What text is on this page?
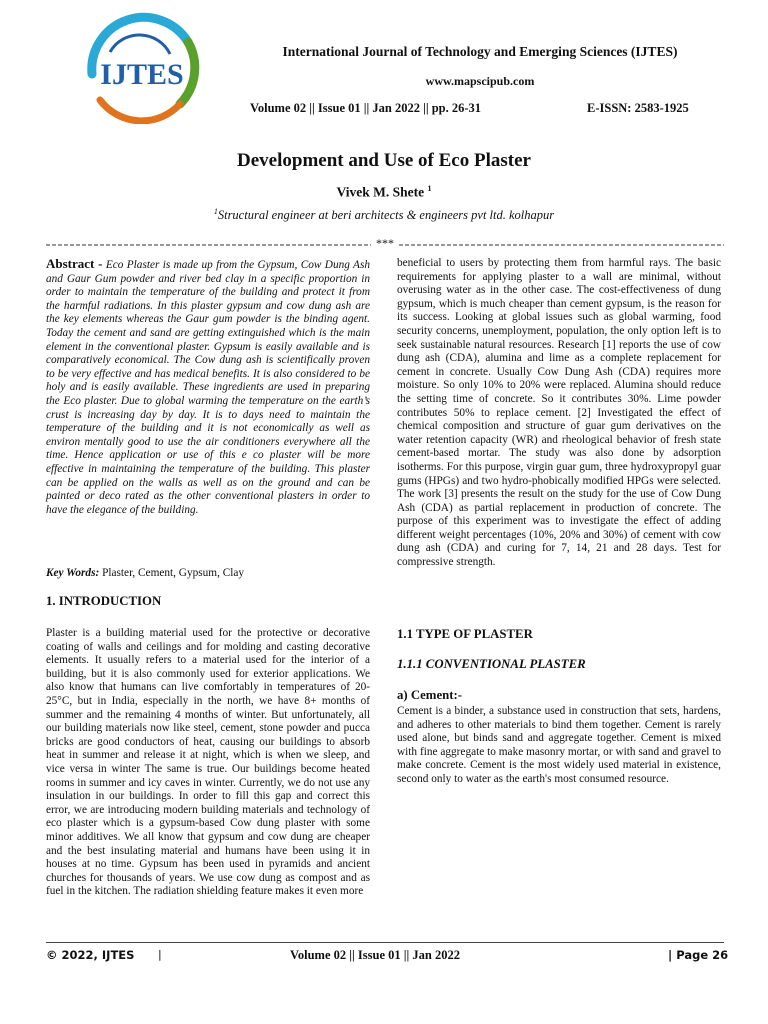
IJTES
International Journal of Technology and Emerging Sciences (IJTES)
www.mapscipub.com
Volume 02 || Issue 01 || Jan 2022 || pp. 26-31	E-ISSN: 2583-1925
Development and Use of Eco Plaster
Vivek M. Shete $^1$
$^1$Structural engineer at beri architects & engineers pvt ltd. kolhapur
***
Abstract - Eco Plaster is made up from the Gypsum, Cow Dung Ash and Gaur Gum powder and river bed clay in a specific proportion in order to maintain the temperature of the building and protect it from the harmful radiations. In this plaster gypsum and cow dung ash are the key elements whereas the Gaur gum powder is the binding agent. Today the cement and sand are getting extinguished which is the main element in the conventional plaster. Gypsum is easily available and is comparatively economical. The Cow dung ash is scientifically proven to be very effective and has medical benefits. It is also considered to be holy and is easily available. These ingredients are used in preparing the Eco plaster. Due to global warming the temperature on the earth’s crust is increasing day by day. It is to days need to maintain the temperature of the building and it is not economically as well as environ mentally good to use the air conditioners everywhere all the time. Hence application or use of this e co plaster will be more effective in maintaining the temperature of the building. This plaster can be applied on the walls as well as on the ground and can be painted or deco rated as the other conventional plasters in order to have the elegance of the building.
Key Words: Plaster, Cement, Gypsum, Clay
1. INTRODUCTION
Plaster is a building material used for the protective or decorative coating of walls and ceilings and for molding and casting decorative elements. It usually refers to a material used for the interior of a building, but it is also commonly used for exterior applications. We also know that humans can live comfortably in temperatures of 20-25°C, but in India, especially in the north, we have 8+ months of summer and the remaining 4 months of winter. But unfortunately, all our building materials now like steel, cement, stone powder and pucca bricks are good conductors of heat, causing our buildings to absorb heat in summer and release it at night, which is when we sleep, and vice versa in winter The same is true. Our buildings become heated rooms in summer and icy caves in winter. Currently, we do not use any insulation in our buildings. In order to fill this gap and correct this error, we are introducing modern building materials and technology of eco plaster which is a gypsum-based Cow dung plaster with some minor additives. We all know that gypsum and cow dung are cheaper and the best insulating material and humans have been using it in houses at no time. Gypsum has been used in pyramids and ancient churches for thousands of years. We use cow dung as compost and as fuel in the kitchen. The radiation shielding feature makes it even more
beneficial to users by protecting them from harmful rays. The basic requirements for applying plaster to a wall are minimal, without overusing water as in the other case. The cost-effectiveness of dung gypsum, which is much cheaper than cement gypsum, is the reason for its success. Looking at global issues such as global warming, food security concerns, unemployment, population, the only option left is to seek sustainable natural resources. Research [1] reports the use of cow dung ash (CDA), alumina and lime as a complete replacement for cement in concrete. Usually Cow Dung Ash (CDA) requires more moisture. So only 10% to 20% were replaced. Alumina should reduce the setting time of concrete. So it contributes 30%. Lime powder contributes 50% to replace cement. [2] Investigated the effect of chemical composition and structure of guar gum derivatives on the water retention capacity (WR) and rheological behavior of fresh state cement-based mortar. The study was also done by adsorption isotherms. For this purpose, virgin guar gum, three hydroxypropyl guar gums (HPGs) and two hydro-phobically modified HPGs were selected. The work [3] presents the result on the study for the use of Cow Dung Ash (CDA) as partial replacement in production of concrete. The purpose of this experiment was to investigate the effect of adding different weight percentages (10%, 20% and 30%) of cement with cow dung ash (CDA) and curing for 7, 14, 21 and 28 days. Test for compressive strength.
1.1 TYPE OF PLASTER
1.1.1 CONVENTIONAL PLASTER
a) Cement:-
Cement is a binder, a substance used in construction that sets, hardens, and adheres to other materials to bind them together. Cement is rarely used alone, but binds sand and aggregate together. Cement is mixed with fine aggregate to make masonry mortar, or with sand and gravel to make concrete. Cement is the most widely used material in existence, second only to water as the earth's most consumed resource.
© 2022, IJTES |	Volume 02 || Issue 01 || Jan 2022	| Page 26
